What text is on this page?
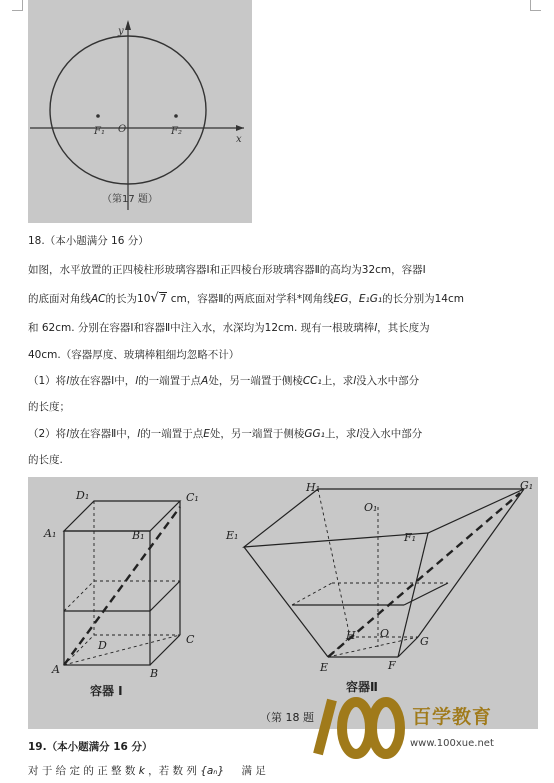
y
x
O
F₁	F₂
（第17 题）
18.（本小题满分 16 分）
如图，水平放置的正四棱柱形玻璃容器Ⅰ和正四棱台形玻璃容器Ⅱ的高均为32cm，容器Ⅰ
的底面对角线AC的长为10√7 cm，容器Ⅱ的两底面对学科*网角线EG，E₁G₁的长分别为14cm
和 62cm. 分别在容器Ⅰ和容器Ⅱ中注入水，水深均为12cm. 现有一根玻璃棒l，其长度为
40cm.（容器厚度、玻璃棒粗细均忽略不计）
（1）将l放在容器Ⅰ中，l的一端置于点A处，另一端置于侧棱CC₁上，求l没入水中部分
的长度；
（2）将l放在容器Ⅱ中，l的一端置于点E处，另一端置于侧棱GG₁上，求l没入水中部分
的长度.
D₁	C₁
A₁	B₁
D	C
A	B
H₁
O₁
G₁
E₁	F₁
H O
G
E	F
容器 I	容器Ⅱ
（第 18 题	百学教育
www.100xue.net
19.（本小题满分 16 分）
对 于 给 定 的 正 整 数 k ，若 数 列 {aₙ} 满 足
